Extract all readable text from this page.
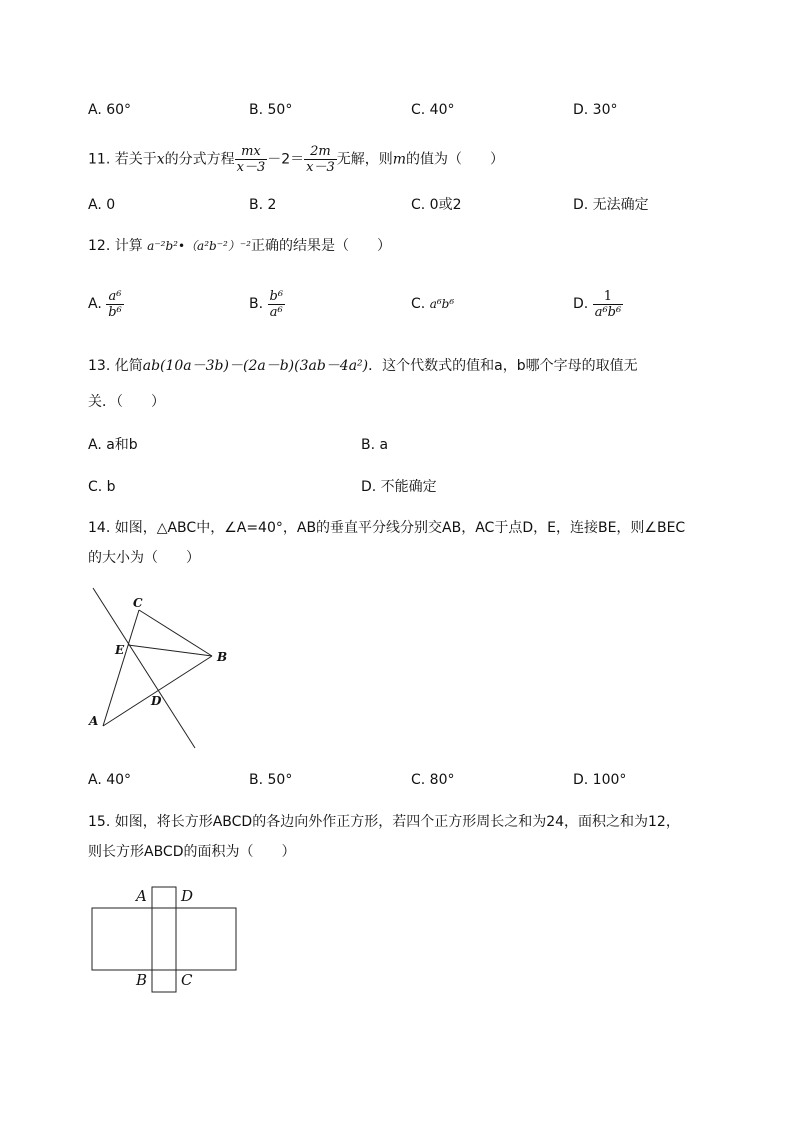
A. 60°	B. 50°	C. 40°	D. 30°
11. 若关于x的分式方程 $\frac{mx}{x-3} -2= \frac{2m}{x-3}$ 无解，则m的值为（　　）
A. 0	B. 2	C. 0或2	D. 无法确定
12. 计算 a⁻²b²•（a²b⁻²）⁻²正确的结果是（　　）
A. $\frac{\text{a⁶}}{\text{b⁶}}$	B. $\frac{\text{b⁶}}{\text{a⁶}}$	C. a⁶b⁶	D. $\frac{1}{\text{a⁶b⁶}}$
13. 化简ab(10a－3b)－(2a－b)(3ab－4a²)．这个代数式的值和a，b哪个字母的取值无
关．（　　）
A. a和b	B. a
C. b	D. 不能确定
14. 如图，△ABC中，∠A=40°，AB的垂直平分线分别交AB，AC于点D，E，连接BE，则∠BEC
的大小为（　　）
C
E	B
D
A
A. 40°	B. 50°	C. 80°	D. 100°
15. 如图，将长方形ABCD的各边向外作正方形，若四个正方形周长之和为24，面积之和为12，
则长方形ABCD的面积为（　　）
A D
B C
